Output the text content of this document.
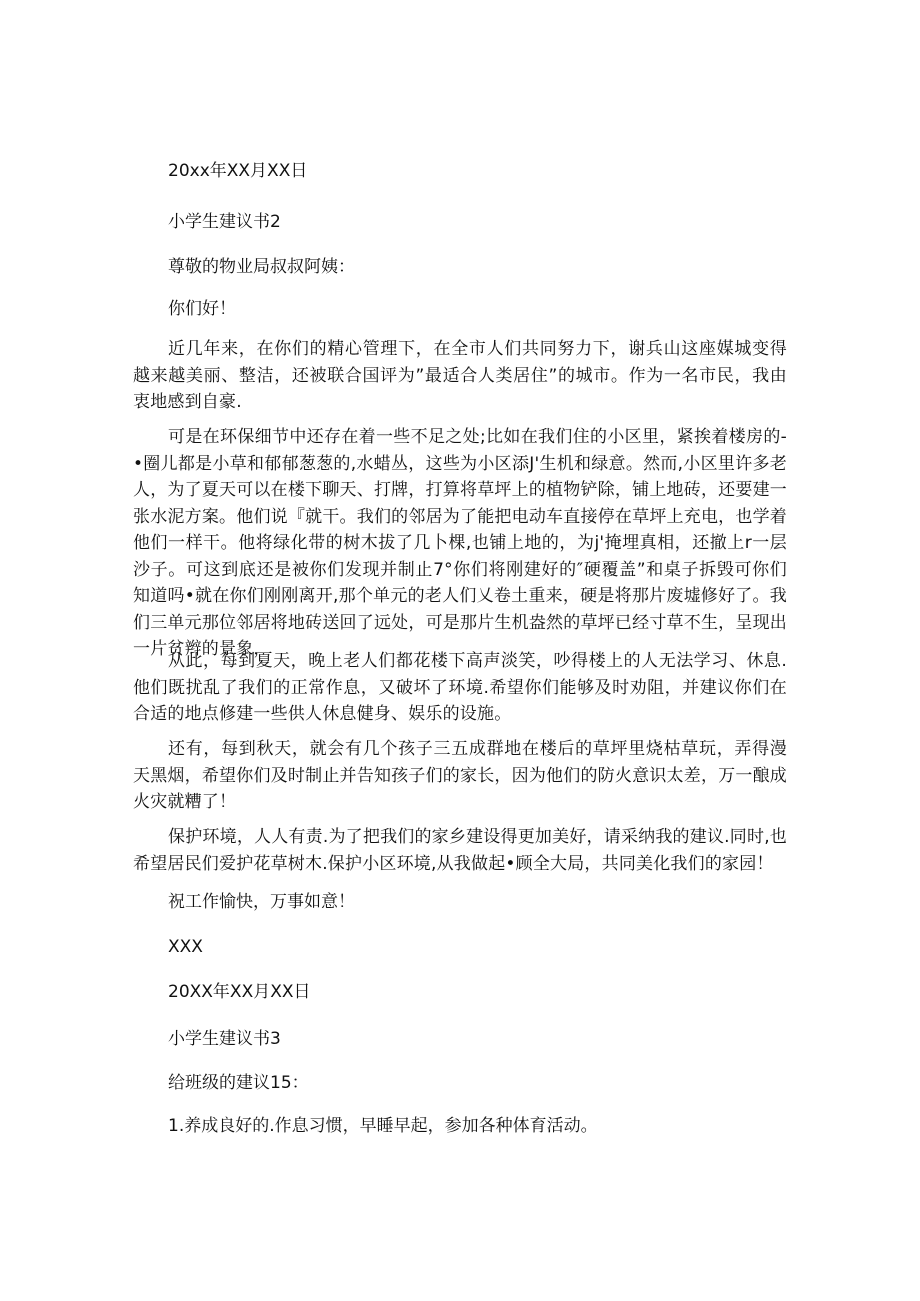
20xx年XX月XX日
小学生建议书2
尊敬的物业局叔叔阿姨：
你们好！
近几年来，在你们的精心管理下，在全市人们共同努力下，谢兵山这座媒城变得越来越美丽、整洁，还被联合国评为”最适合人类居住”的城市。作为一名市民，我由衷地感到自豪.
可是在环保细节中还存在着一些不足之处;比如在我们住的小区里，紧挨着楼房的-•圈儿都是小草和郁郁葱葱的,水蜡丛，这些为小区添J'生机和绿意。然而,小区里许多老人，为了夏天可以在楼下聊天、打牌，打算将草坪上的植物铲除，铺上地砖，还要建一张水泥方案。他们说『就干。我们的邻居为了能把电动车直接停在草坪上充电，也学着他们一样干。他将绿化带的树木拔了几卜棵,也铺上地的，为j'掩埋真相，还撤上r一层沙子。可这到底还是被你们发现并制止7°你们将刚建好的″硬覆盖”和桌子拆毁可你们知道吗•就在你们刚刚离开,那个单元的老人们乂卷土重来，硬是将那片废墟修好了。我们三单元那位邻居将地砖送回了远处，可是那片生机盎然的草坪已经寸草不生，呈现出一片贫辫的景象，
从此，每到夏天，晚上老人们都花楼下高声淡笑，吵得楼上的人无法学习、休息.他们既扰乱了我们的正常作息，又破坏了环境.希望你们能够及时劝阻，并建议你们在合适的地点修建一些供人休息健身、娱乐的设施。
还有，每到秋天，就会有几个孩子三五成群地在楼后的草坪里烧枯草玩，弄得漫天黑烟，希望你们及时制止并告知孩子们的家长，因为他们的防火意识太差，万一酿成火灾就糟了！
保护环境，人人有责.为了把我们的家乡建设得更加美好，请采纳我的建议.同时,也希望居民们爱护花草树木.保护小区环境,从我做起•顾全大局，共同美化我们的家园！
祝工作愉快，万事如意！
XXX
20XX年XX月XX日
小学生建议书3
给班级的建议15：
1.养成良好的.作息习惯，早睡早起，参加各种体育活动。
